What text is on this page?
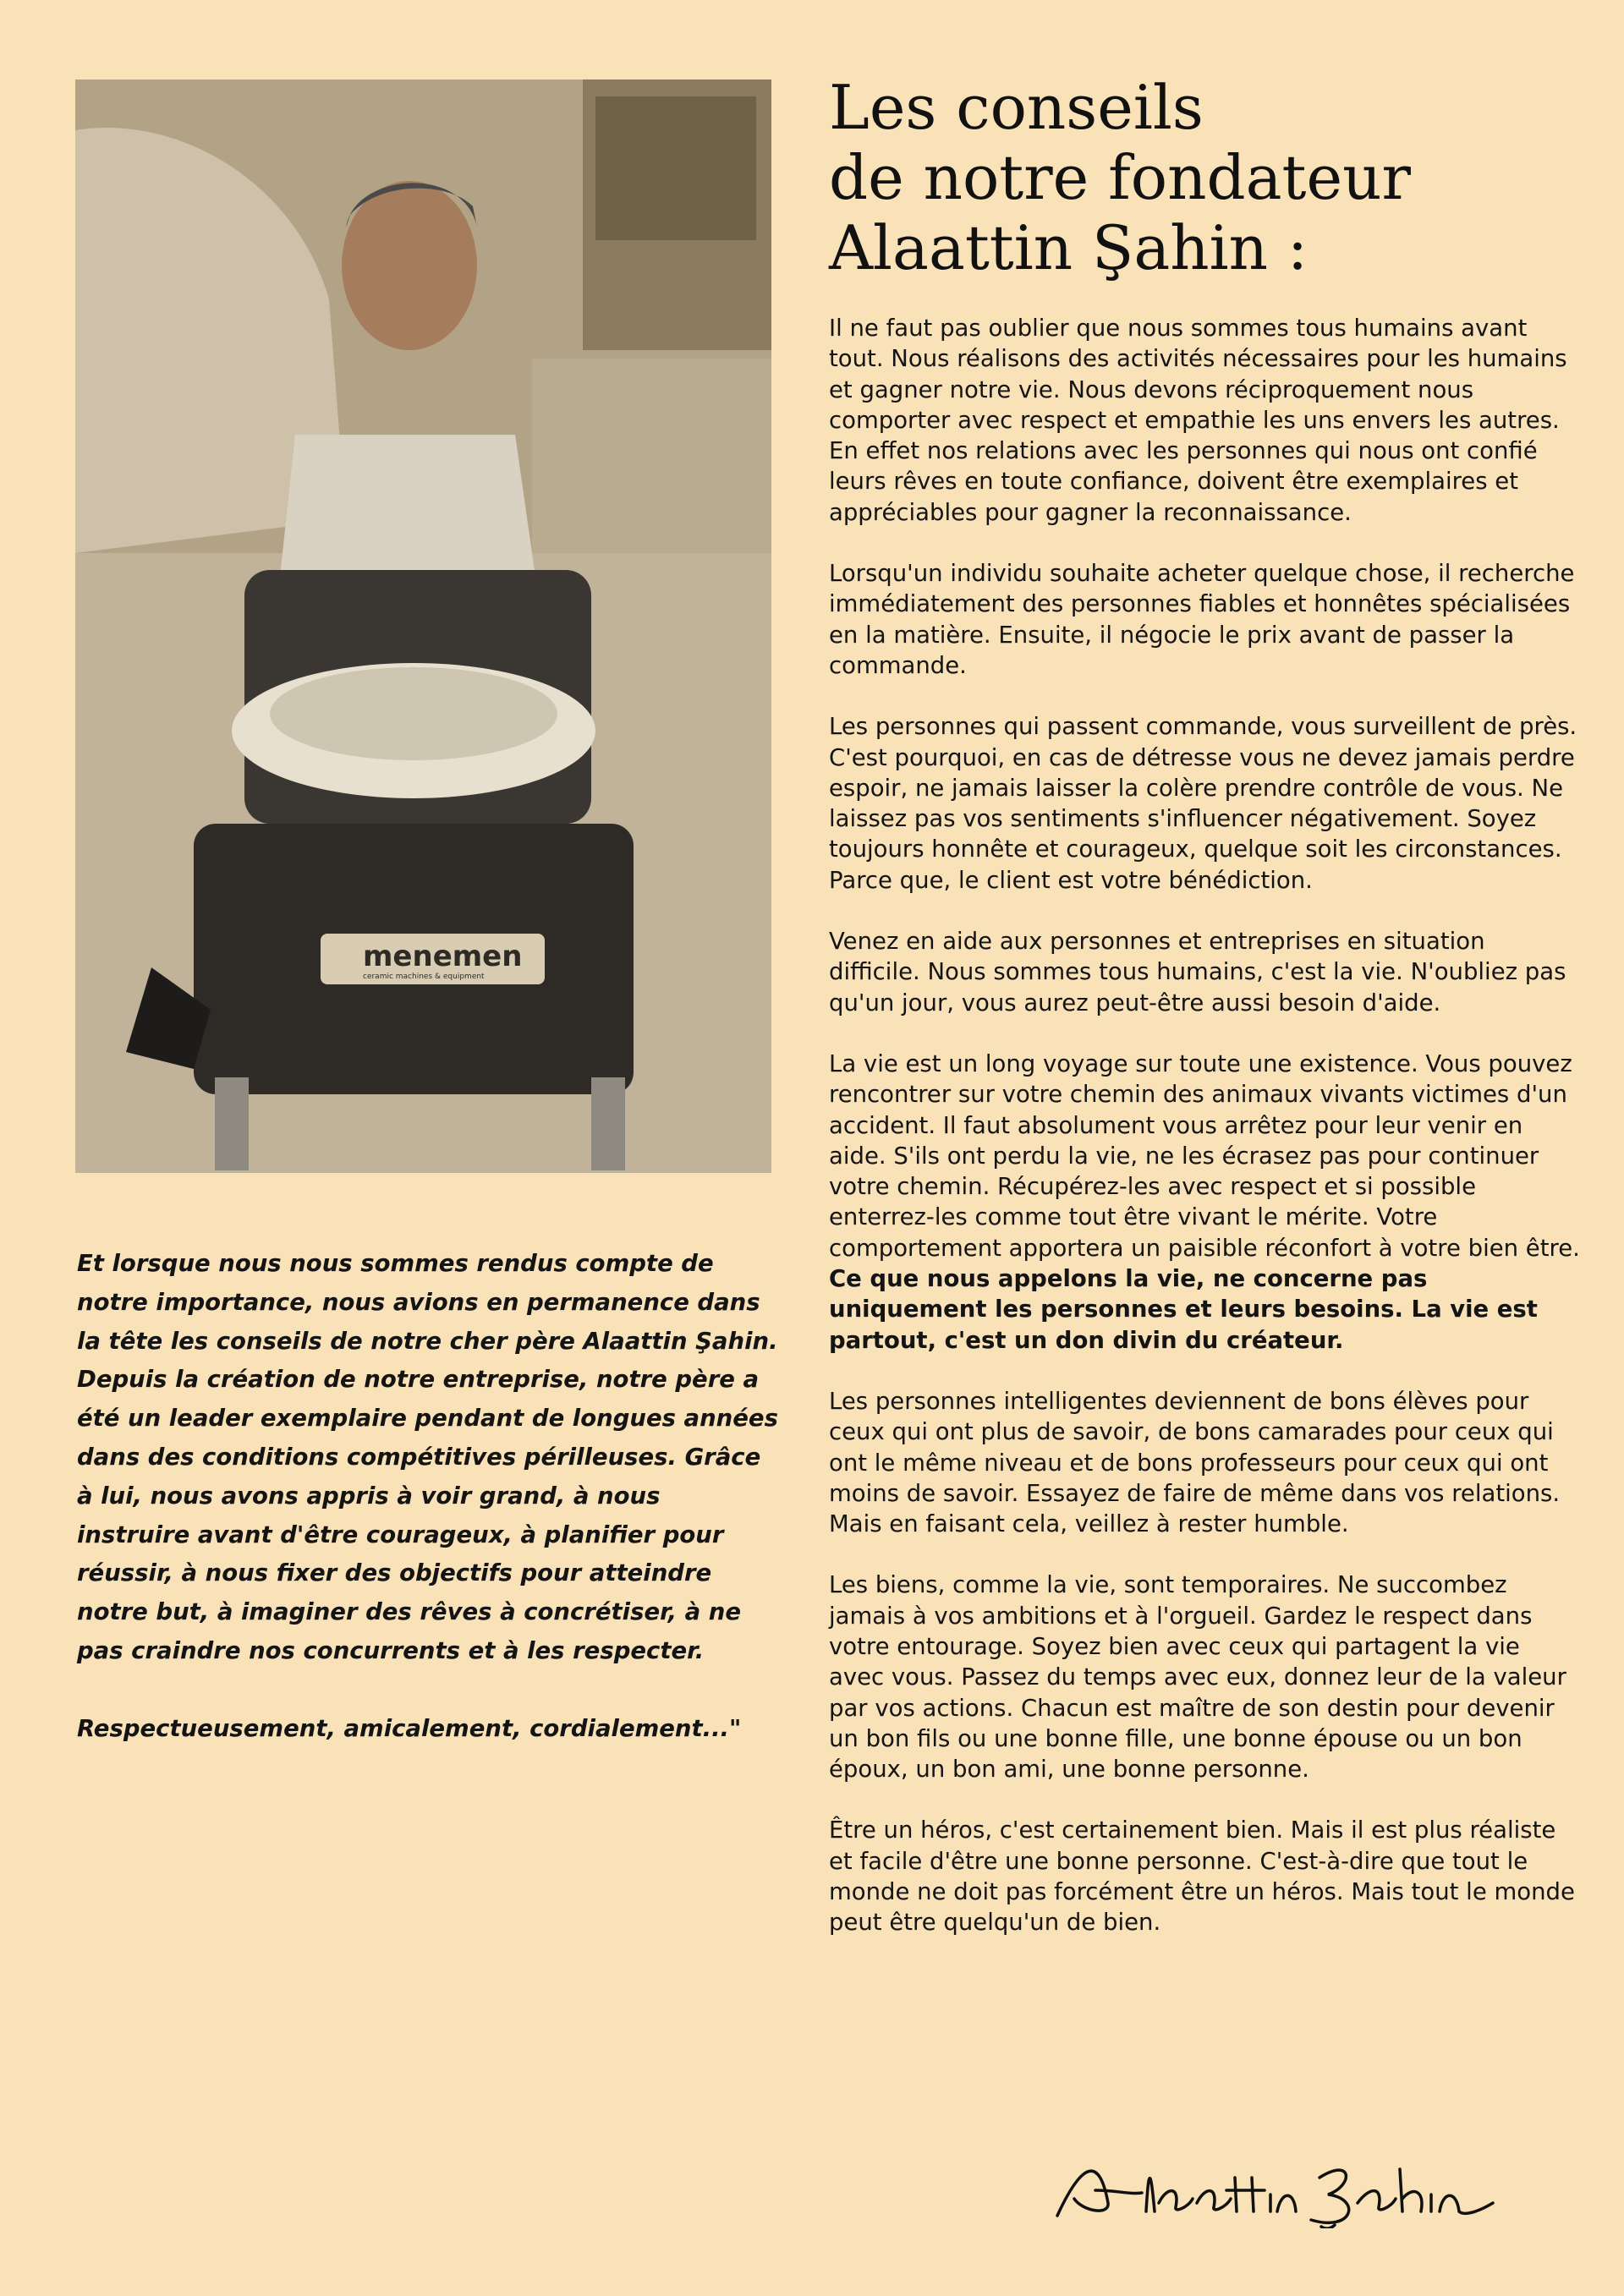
menemen
ceramic machines & equipment
Les conseils
de notre fondateur
Alaattin Şahin :

Il ne faut pas oublier que nous sommes tous humains avant tout. Nous réalisons des activités nécessaires pour les humains et gagner notre vie. Nous devons réciproquement nous comporter avec respect et empathie les uns envers les autres. En effet nos relations avec les personnes qui nous ont confié leurs rêves en toute confiance, doivent être exemplaires et appréciables pour gagner la reconnaissance.

Lorsqu'un individu souhaite acheter quelque chose, il recherche immédiatement des personnes fiables et honnêtes spécialisées en la matière. Ensuite, il négocie le prix avant de passer la commande.

Les personnes qui passent commande, vous surveillent de près. C'est pourquoi, en cas de détresse vous ne devez jamais perdre espoir, ne jamais laisser la colère prendre contrôle de vous. Ne laissez pas vos sentiments s'influencer négativement. Soyez toujours honnête et courageux, quelque soit les circonstances. Parce que, le client est votre bénédiction.

Venez en aide aux personnes et entreprises en situation difficile. Nous sommes tous humains, c'est la vie. N'oubliez pas qu'un jour, vous aurez peut-être aussi besoin d'aide.

La vie est un long voyage sur toute une existence. Vous pouvez rencontrer sur votre chemin des animaux vivants victimes d'un accident. Il faut absolument vous arrêtez pour leur venir en aide. S'ils ont perdu la vie, ne les écrasez pas pour continuer votre chemin. Récupérez-les avec respect et si possible enterrez-les comme tout être vivant le mérite. Votre comportement apportera un paisible réconfort à votre bien être.
Ce que nous appelons la vie, ne concerne pas uniquement les personnes et leurs besoins. La vie est partout, c'est un don divin du créateur.

Les personnes intelligentes deviennent de bons élèves pour ceux qui ont plus de savoir, de bons camarades pour ceux qui ont le même niveau et de bons professeurs pour ceux qui ont moins de savoir. Essayez de faire de même dans vos relations. Mais en faisant cela, veillez à rester humble.

Les biens, comme la vie, sont temporaires. Ne succombez jamais à vos ambitions et à l'orgueil. Gardez le respect dans votre entourage. Soyez bien avec ceux qui partagent la vie avec vous. Passez du temps avec eux, donnez leur de la valeur par vos actions. Chacun est maître de son destin pour devenir un bon fils ou une bonne fille, une bonne épouse ou un bon époux, un bon ami, une bonne personne.

Être un héros, c'est certainement bien. Mais il est plus réaliste et facile d'être une bonne personne. C'est-à-dire que tout le monde ne doit pas forcément être un héros. Mais tout le monde peut être quelqu'un de bien.

Et lorsque nous nous sommes rendus compte de notre importance, nous avions en permanence dans la tête les conseils de notre cher père Alaattin Şahin. Depuis la création de notre entreprise, notre père a été un leader exemplaire pendant de longues années dans des conditions compétitives périlleuses. Grâce à lui, nous avons appris à voir grand, à nous instruire avant d'être courageux, à planifier pour réussir, à nous fixer des objectifs pour atteindre notre but, à imaginer des rêves à concrétiser, à ne pas craindre nos concurrents et à les respecter.

Respectueusement, amicalement, cordialement..."
